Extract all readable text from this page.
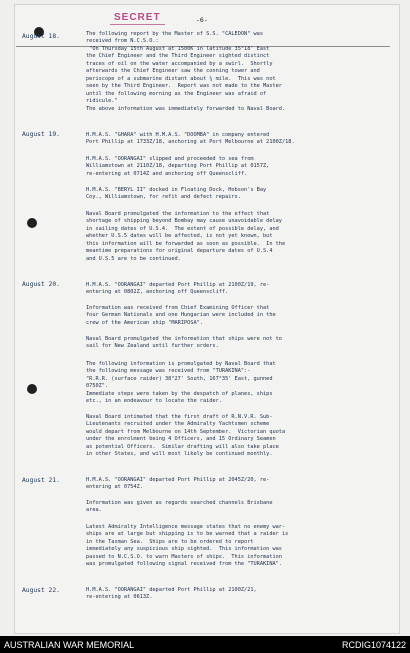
SECRET	-6-
August 18.	The following report by the Master of S.S. "CALEDON" was
received from N.C.S.O.:
"On Thursday 15th August at 1500K in latitude 35°18' East
the Chief Engineer and the Third Engineer sighted distinct
traces of oil on the water accompanied by a swirl.  Shortly
afterwards the Chief Engineer saw the conning tower and
periscope of a submarine distant about ¼ mile.  This was not
seen by the Third Engineer.  Report was not made to the Master
until the following morning as the Engineer was afraid of
ridicule."
The above information was immediately forwarded to Naval Board.
August 19.	H.M.A.S. "GHARA" with H.M.A.S. "DOOMBA" in company entered
Port Phillip at 1733Z/18, anchoring at Port Melbourne at 2100Z/18.
H.M.A.S. "OORANGAI" slipped and proceeded to sea from
Williamstown at 2110Z/18, departing Port Phillip at 0157Z,
re-entering at 0714Z and anchoring off Queenscliff.
H.M.A.S. "BERYL II" docked in Floating Dock, Hobson's Bay
Coy., Williamstown, for refit and defect repairs.
Naval Board promulgated the information to the effect that
shortage of shipping beyond Bombay may cause unavoidable delay
in sailing dates of U.S.4.  The extent of possible delay, and
whether U.S.5 dates will be affected, is not yet known, but
this information will be forwarded as soon as possible.  In the
meantime preparations for original departure dates of U.S.4
and U.S.5 are to be continued.
August 20.	H.M.A.S. "OORANGAI" departed Port Phillip at 2100Z/19, re-
entering at 0802Z, anchoring off Queenscliff.
Information was received from Chief Examining Officer that
four German Nationals and one Hungarian were included in the
crew of the American ship "MARIPOSA".
Naval Board promulgated the information that ships were not to
sail for New Zealand until further orders.
The following information is promulgated by Naval Board that
the following message was received from "TURAKINA":-
"R.R.R. (surface raider) 38°27' South, 167°35' East, gunned
0750Z".
Immediate steps were taken by the despatch of planes, ships
etc., in an endeavour to locate the raider.
Naval Board intimated that the first draft of R.N.V.R. Sub-
Lieutenants recruited under the Admiralty Yachtsmen scheme
would depart from Melbourne on 14th September.  Victorian quota
under the enrolment being 4 Officers, and 15 Ordinary Seamen
as potential Officers.  Similar drafting will also take place
in other States, and will most likely be continued monthly.
August 21.	H.M.A.S. "OORANGAI" departed Port Phillip at 2045Z/20, re-
entering at 0754Z.
Information was given as regards searched channels Brisbane
area.
Latest Admiralty Intelligence message states that no enemy war-
ships are at large but shipping is to be warned that a raider is
in the Tasman Sea.  Ships are to be ordered to report
immediately any suspicious ship sighted.  This information was
passed to N.C.S.O. to warn Masters of ships.  This information
was promulgated following signal received from the "TURAKINA".
August 22.	H.M.A.S. "OORANGAI" departed Port Phillip at 2100Z/21,
re-entering at 0613Z.
AUSTRALIAN WAR MEMORIAL	RCDIG1074122
